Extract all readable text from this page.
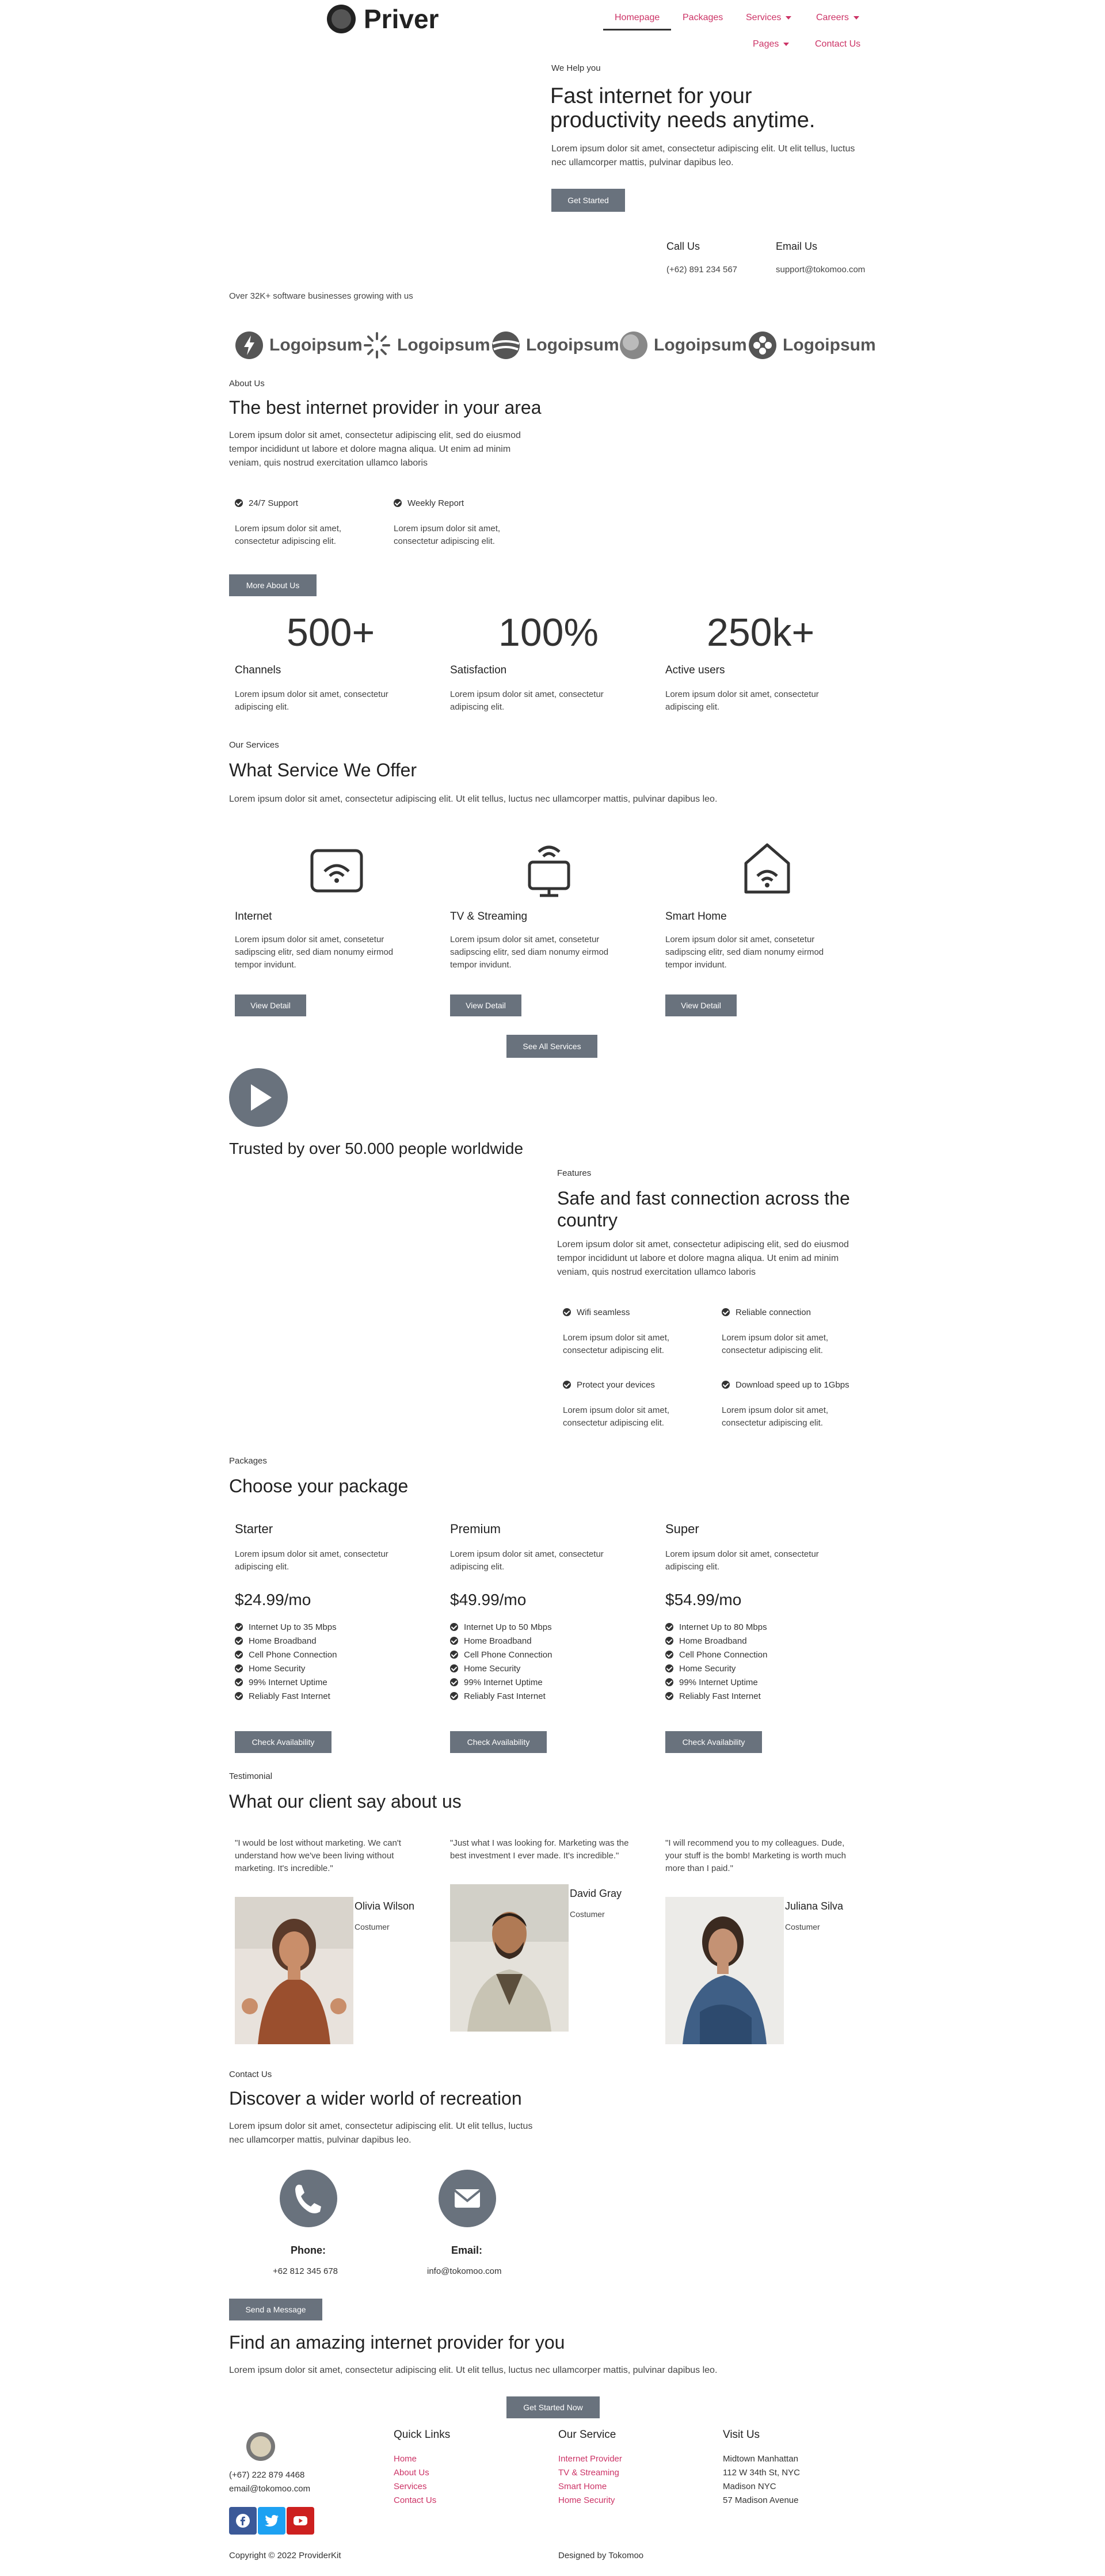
Priver	Homepage Packages Services	Careers
Pages	Contact Us
We Help you
Fast internet for your
productivity needs anytime.
Lorem ipsum dolor sit amet, consectetur adipiscing elit. Ut elit tellus, luctus
nec ullamcorper mattis, pulvinar dapibus leo.
Get Started
Call Us
(+62) 891 234 567
Email Us
support@tokomoo.com
Over 32K+ software businesses growing with us
Logoipsum Logoipsum Logoipsum Logoipsum Logoipsum
About Us
The best internet provider in your area
Lorem ipsum dolor sit amet, consectetur adipiscing elit, sed do eiusmod
tempor incididunt ut labore et dolore magna aliqua. Ut enim ad minim
veniam, quis nostrud exercitation ullamco laboris
24/7 Support
Lorem ipsum dolor sit amet,
consectetur adipiscing elit.
Weekly Report
Lorem ipsum dolor sit amet,
consectetur adipiscing elit.
More About Us
500+
Channels
Lorem ipsum dolor sit amet, consectetur
adipiscing elit.
100%
Satisfaction
Lorem ipsum dolor sit amet, consectetur
adipiscing elit.
250k+
Active users
Lorem ipsum dolor sit amet, consectetur
adipiscing elit.
Our Services
What Service We Offer
Lorem ipsum dolor sit amet, consectetur adipiscing elit. Ut elit tellus, luctus nec ullamcorper mattis, pulvinar dapibus leo.
Internet
Lorem ipsum dolor sit amet, consetetur
sadipscing elitr, sed diam nonumy eirmod
tempor invidunt.
View Detail
TV & Streaming
Lorem ipsum dolor sit amet, consetetur
sadipscing elitr, sed diam nonumy eirmod
tempor invidunt.
View Detail
Smart Home
Lorem ipsum dolor sit amet, consetetur
sadipscing elitr, sed diam nonumy eirmod
tempor invidunt.
View Detail
See All Services
Trusted by over 50.000 people worldwide
Features
Safe and fast connection across the
country
Lorem ipsum dolor sit amet, consectetur adipiscing elit, sed do eiusmod
tempor incididunt ut labore et dolore magna aliqua. Ut enim ad minim
veniam, quis nostrud exercitation ullamco laboris
Wifi seamless
Lorem ipsum dolor sit amet,
consectetur adipiscing elit.
Reliable connection
Lorem ipsum dolor sit amet,
consectetur adipiscing elit.
Protect your devices
Lorem ipsum dolor sit amet,
consectetur adipiscing elit.
Download speed up to 1Gbps
Lorem ipsum dolor sit amet,
consectetur adipiscing elit.
Packages
Choose your package
Starter
Lorem ipsum dolor sit amet, consectetur
adipiscing elit.
$24.99/mo
Internet Up to 35 Mbps
Home Broadband
Cell Phone Connection
Home Security
99% Internet Uptime
Reliably Fast Internet
Check Availability
Premium
Lorem ipsum dolor sit amet, consectetur
adipiscing elit.
$49.99/mo
Internet Up to 50 Mbps
Home Broadband
Cell Phone Connection
Home Security
99% Internet Uptime
Reliably Fast Internet
Check Availability
Super
Lorem ipsum dolor sit amet, consectetur
adipiscing elit.
$54.99/mo
Internet Up to 80 Mbps
Home Broadband
Cell Phone Connection
Home Security
99% Internet Uptime
Reliably Fast Internet
Check Availability
Testimonial
What our client say about us
"I would be lost without marketing. We can't
understand how we've been living without
marketing. It's incredible."
Olivia Wilson
Costumer
"Just what I was looking for. Marketing was the
best investment I ever made. It's incredible."
David Gray
Costumer
"I will recommend you to my colleagues. Dude,
your stuff is the bomb! Marketing is worth much
more than I paid."
Juliana Silva
Costumer
Contact Us
Discover a wider world of recreation
Lorem ipsum dolor sit amet, consectetur adipiscing elit. Ut elit tellus, luctus
nec ullamcorper mattis, pulvinar dapibus leo.
Phone:
+62 812 345 678
Email:
info@tokomoo.com
Send a Message
Find an amazing internet provider for you
Lorem ipsum dolor sit amet, consectetur adipiscing elit. Ut elit tellus, luctus nec ullamcorper mattis, pulvinar dapibus leo.
Get Started Now
(+67) 222 879 4468
email@tokomoo.com
Quick Links
Home
About Us
Services
Contact Us
Our Service
Internet Provider
TV & Streaming
Smart Home
Home Security
Visit Us
Midtown Manhattan
112 W 34th St, NYC
Madison NYC
57 Madison Avenue
Copyright © 2022 ProviderKit	Designed by Tokomoo
